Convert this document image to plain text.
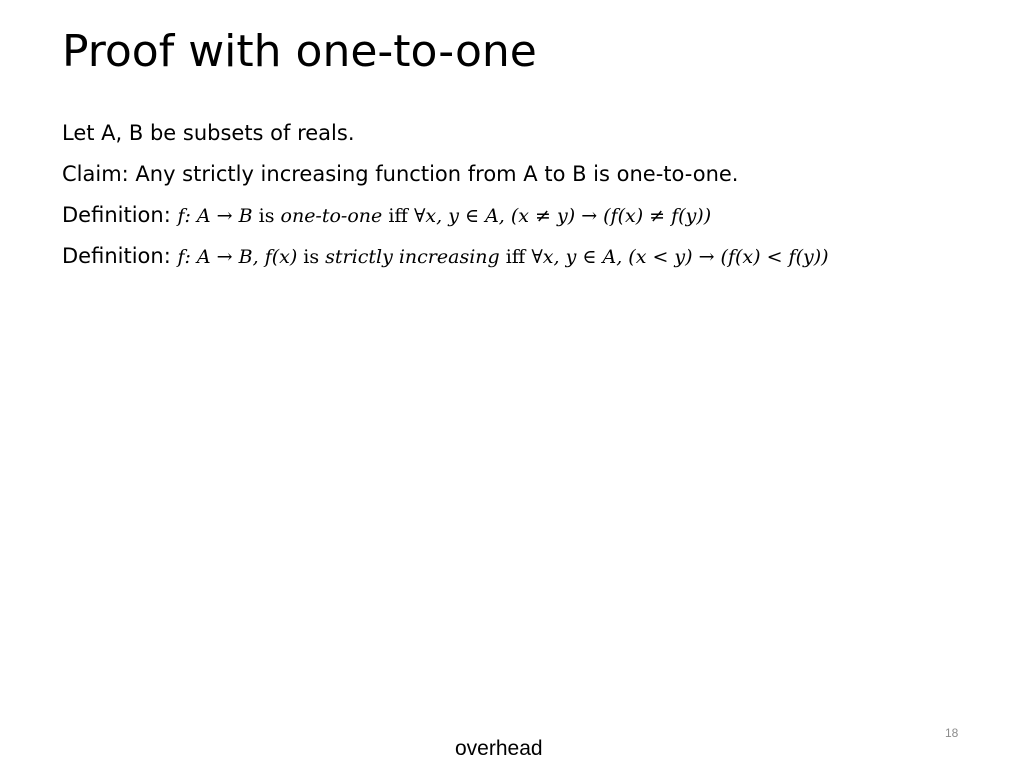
Proof with one-to-one
Let A, B be subsets of reals.
Claim: Any strictly increasing function from A to B is one-to-one.
Definition: f: A → B is one-to-one iff ∀x, y ∈ A, (x ≠ y) → (f(x) ≠ f(y))
Definition: f: A → B, f(x) is strictly increasing iff ∀x, y ∈ A, (x < y) → (f(x) < f(y))
18
overhead
